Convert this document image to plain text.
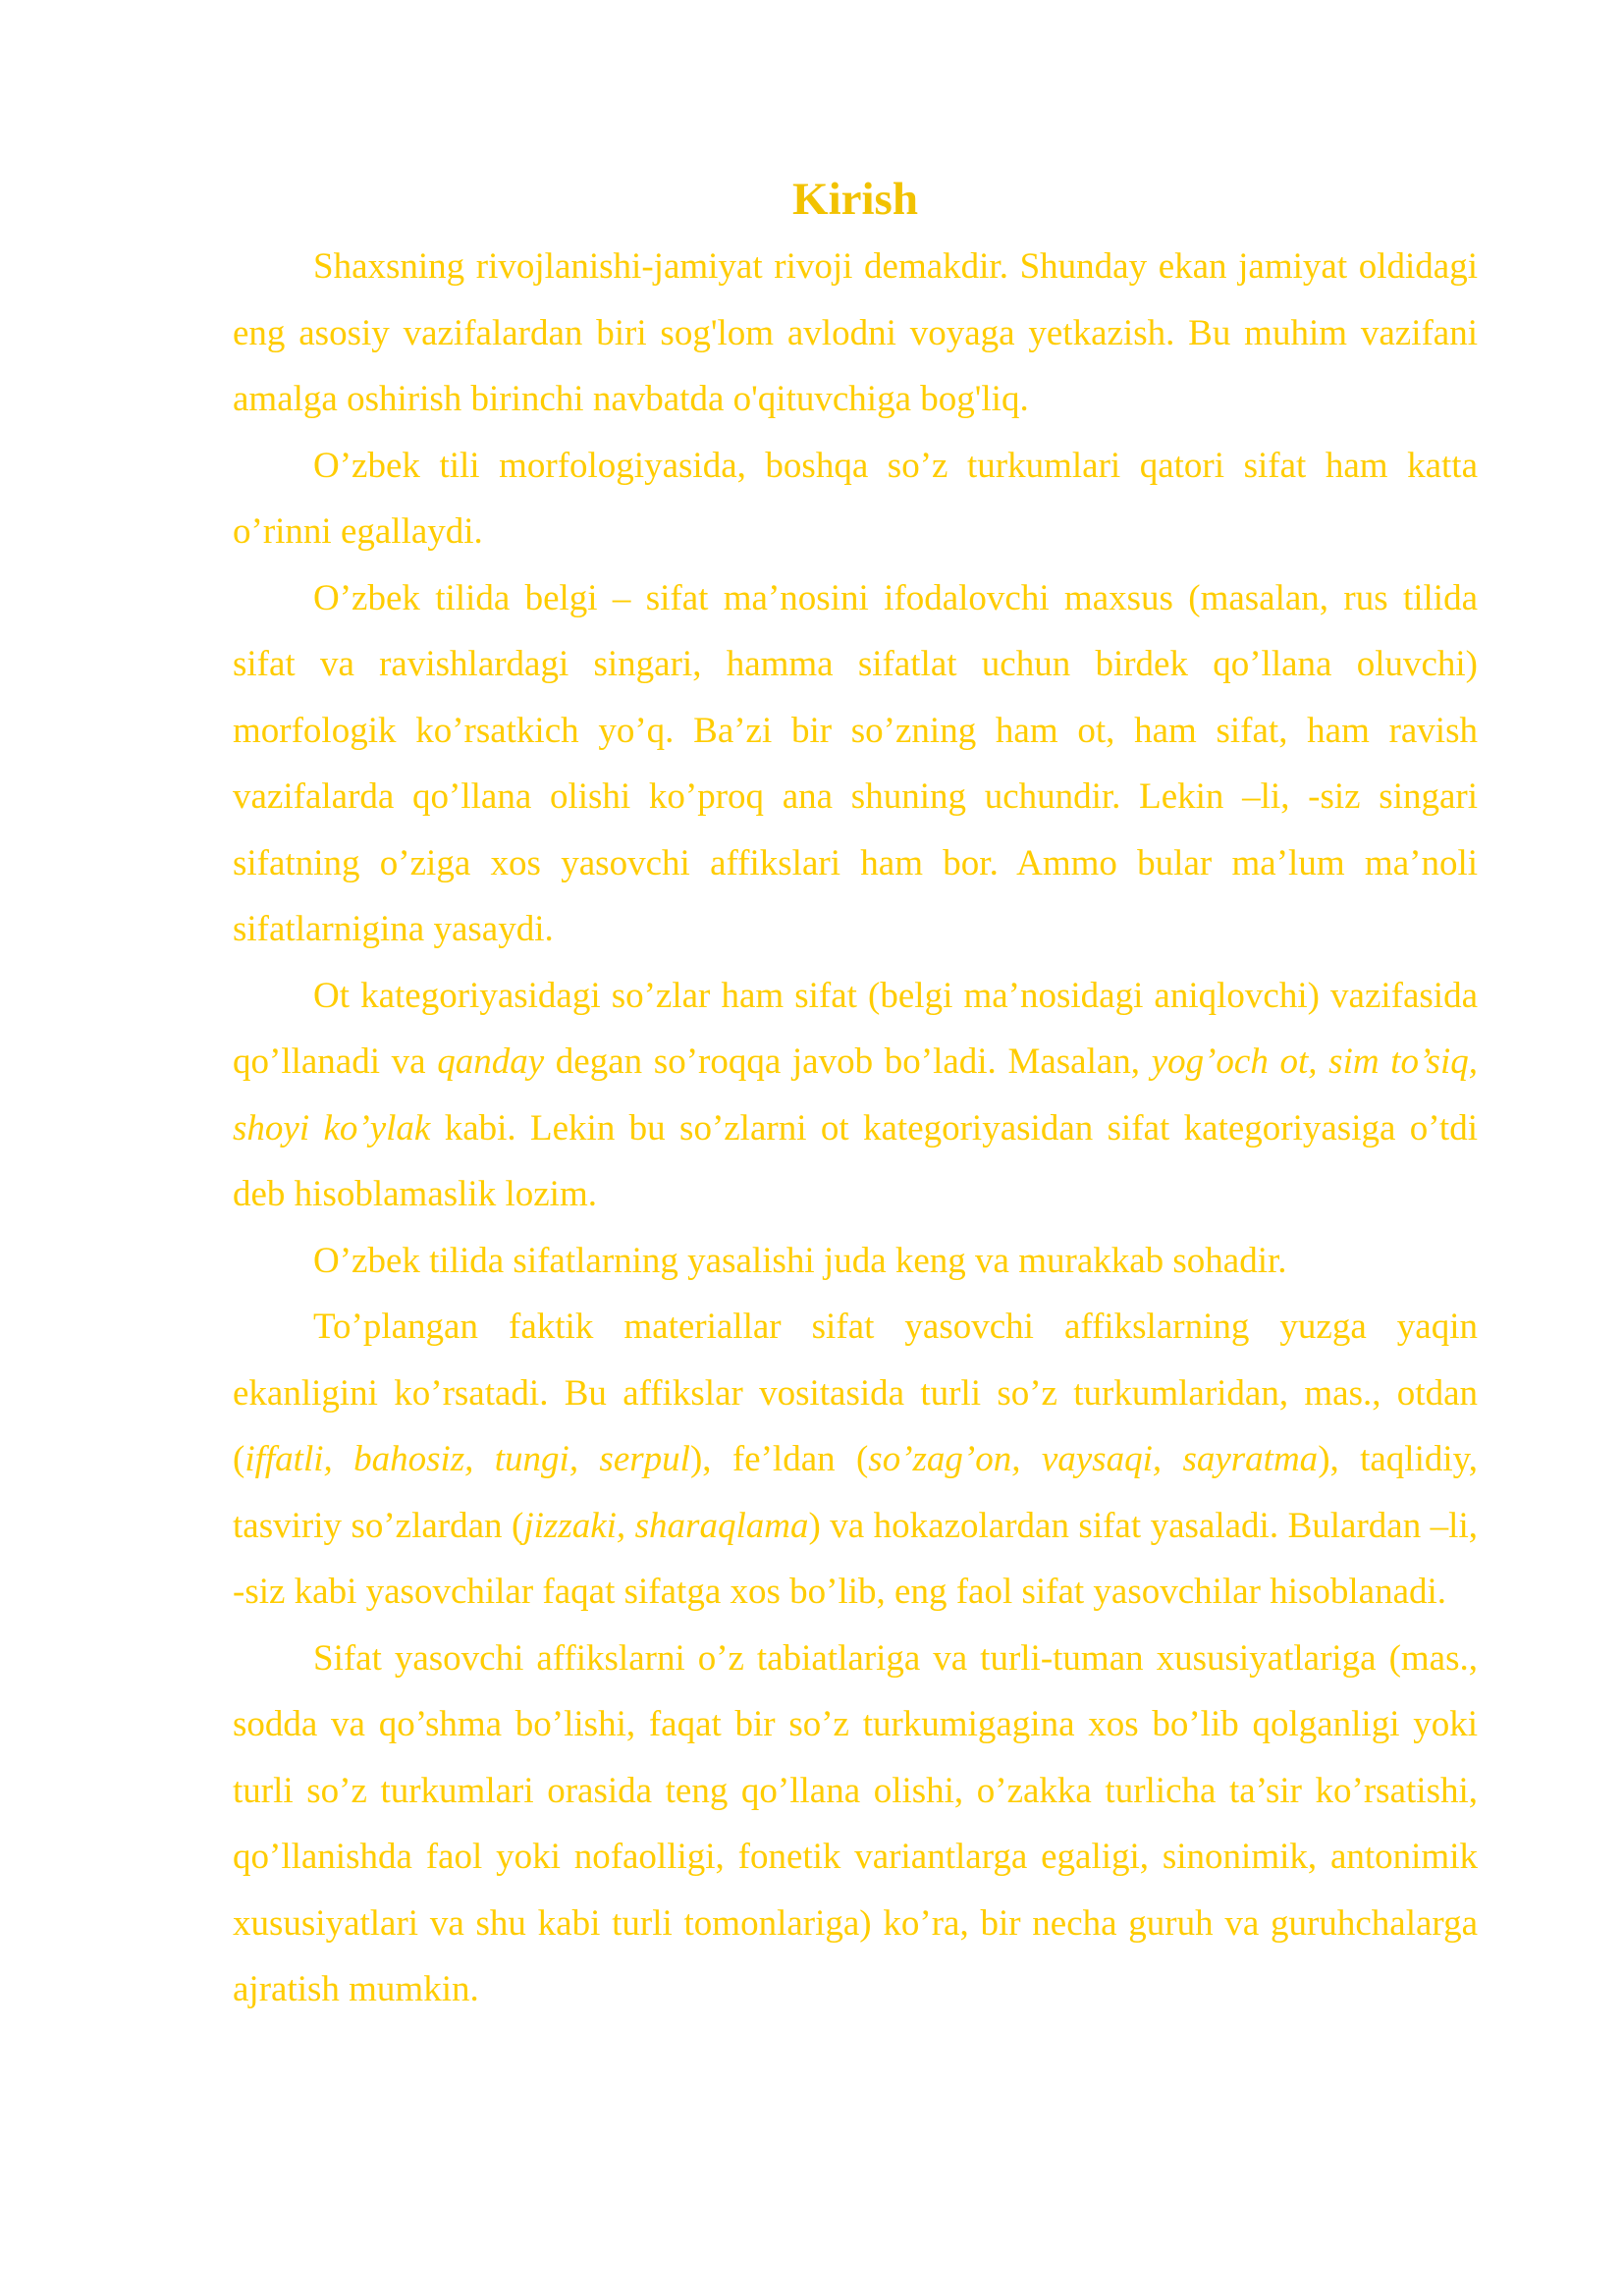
Kirish

Shaxsning rivojlanishi-jamiyat rivoji demakdir. Shunday ekan jamiyat oldidagi eng asosiy vazifalardan biri sog'lom avlodni voyaga yetkazish. Bu muhim vazifani amalga oshirish birinchi navbatda o'qituvchiga bog'liq.

O’zbek tili morfologiyasida, boshqa so’z turkumlari qatori sifat ham katta o’rinni egallaydi.

O’zbek tilida belgi – sifat ma’nosini ifodalovchi maxsus (masalan, rus tilida sifat va ravishlardagi singari, hamma sifatlat uchun birdek qo’llana oluvchi) morfologik ko’rsatkich yo’q. Ba’zi bir so’zning ham ot, ham sifat, ham ravish vazifalarda qo’llana olishi ko’proq ana shuning uchundir. Lekin –li, -siz singari sifatning o’ziga xos yasovchi affikslari ham bor. Ammo bular ma’lum ma’noli sifatlarnigina yasaydi.

Ot kategoriyasidagi so’zlar ham sifat (belgi ma’nosidagi aniqlovchi) vazifasida qo’llanadi va qanday degan so’roqqa javob bo’ladi. Masalan, yog’och ot, sim to’siq, shoyi ko’ylak kabi. Lekin bu so’zlarni ot kategoriyasidan sifat kategoriyasiga o’tdi deb hisoblamaslik lozim.

O’zbek tilida sifatlarning yasalishi juda keng va murakkab sohadir.

To’plangan faktik materiallar sifat yasovchi affikslarning yuzga yaqin ekanligini ko’rsatadi. Bu affikslar vositasida turli so’z turkumlaridan, mas., otdan (iffatli, bahosiz, tungi, serpul), fe’ldan (so’zag’on, vaysaqi, sayratma), taqlidiy, tasviriy so’zlardan (jizzaki, sharaqlama) va hokazolardan sifat yasaladi. Bulardan –li, -siz kabi yasovchilar faqat sifatga xos bo’lib, eng faol sifat yasovchilar hisoblanadi.

Sifat yasovchi affikslarni o’z tabiatlariga va turli-tuman xususiyatlariga (mas., sodda va qo’shma bo’lishi, faqat bir so’z turkumigagina xos bo’lib qolganligi yoki turli so’z turkumlari orasida teng qo’llana olishi, o’zakka turlicha ta’sir ko’rsatishi, qo’llanishda faol yoki nofaolligi, fonetik variantlarga egaligi, sinonimik, antonimik xususiyatlari va shu kabi turli tomonlariga) ko’ra, bir necha guruh va guruhchalarga ajratish mumkin.
